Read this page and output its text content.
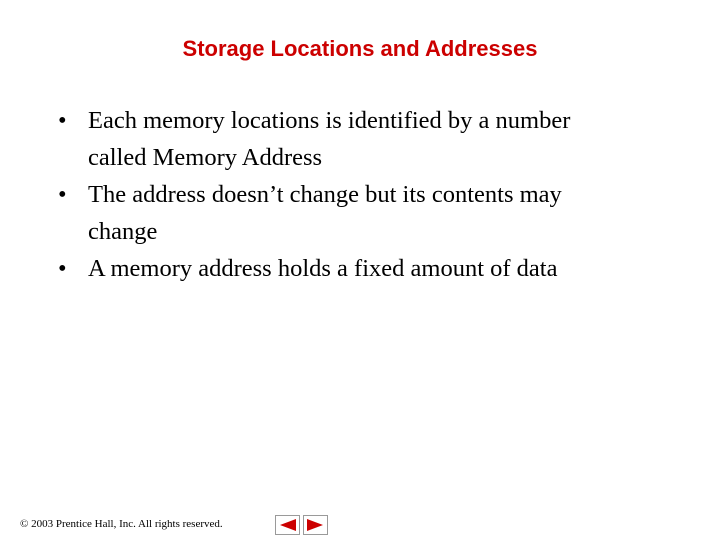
Storage Locations and Addresses
• Each memory locations is identified by a number
called Memory Address
• The address doesn’t change but its contents may
change
• A memory address holds a fixed amount of data
© 2003 Prentice Hall, Inc. All rights reserved.
